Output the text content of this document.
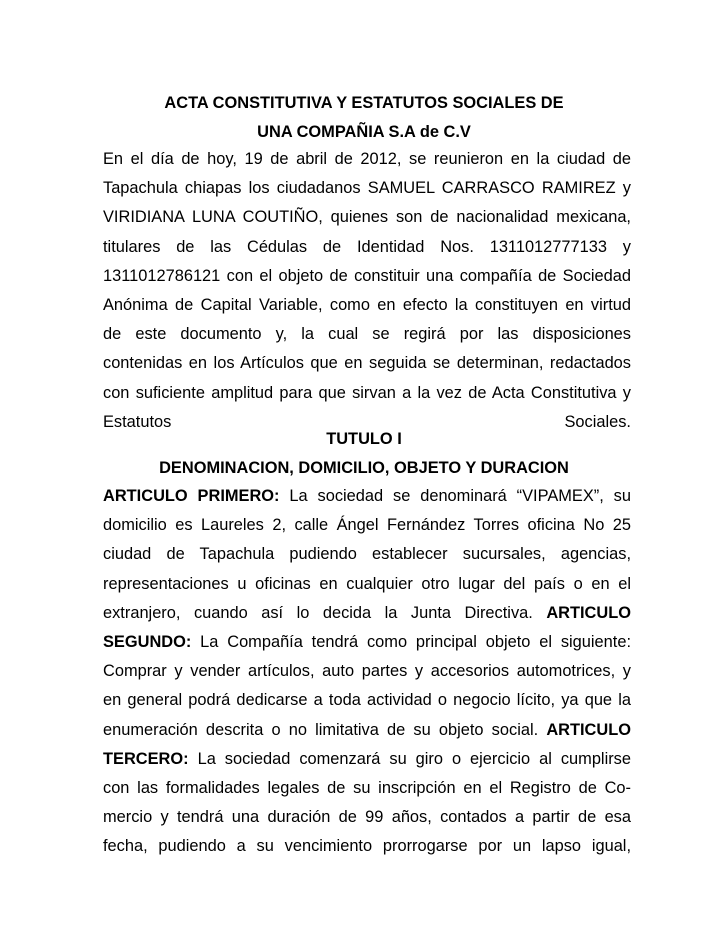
ACTA CONSTITUTIVA Y ESTATUTOS SOCIALES DE
UNA COMPAÑIA S.A de C.V
En el día de hoy, 19 de abril de 2012, se reunieron en la ciudad de
Tapachula chiapas los ciudadanos SAMUEL CARRASCO RAMIREZ y
VIRIDIANA LUNA COUTIÑO, quienes son de nacionalidad mexicana,
titulares de las Cédulas de Identidad Nos. 1311012777133 y
1311012786121 con el objeto de constituir una compañía de Sociedad
Anónima de Capital Variable, como en efecto la constituyen en virtud
de este documento y, la cual se regirá por las disposiciones
contenidas en los Artículos que en seguida se determinan, redactados
con suficiente amplitud para que sirvan a la vez de Acta Constitutiva y
Estatutos Sociales.
TUTULO I
DENOMINACION, DOMICILIO, OBJETO Y DURACION
ARTICULO PRIMERO: La sociedad se denominará “VIPAMEX”, su
domicilio es Laureles 2, calle Ángel Fernández Torres oficina No 25
ciudad de Tapachula pudiendo establecer sucursales, agencias,
representaciones u oficinas en cualquier otro lugar del país o en el
extranjero, cuando así lo decida la Junta Directiva. ARTICULO
SEGUNDO: La Compañía tendrá como principal objeto el siguiente:
Comprar y vender artículos, auto partes y accesorios automotrices, y
en general podrá dedicarse a toda actividad o negocio lícito, ya que la
enumeración descrita o no limitativa de su objeto social. ARTICULO
TERCERO: La sociedad comenzará su giro o ejercicio al cumplirse
con las formalidades legales de su inscripción en el Registro de Co-
mercio y tendrá una duración de 99 años, contados a partir de esa
fecha, pudiendo a su vencimiento prorrogarse por un lapso igual,
